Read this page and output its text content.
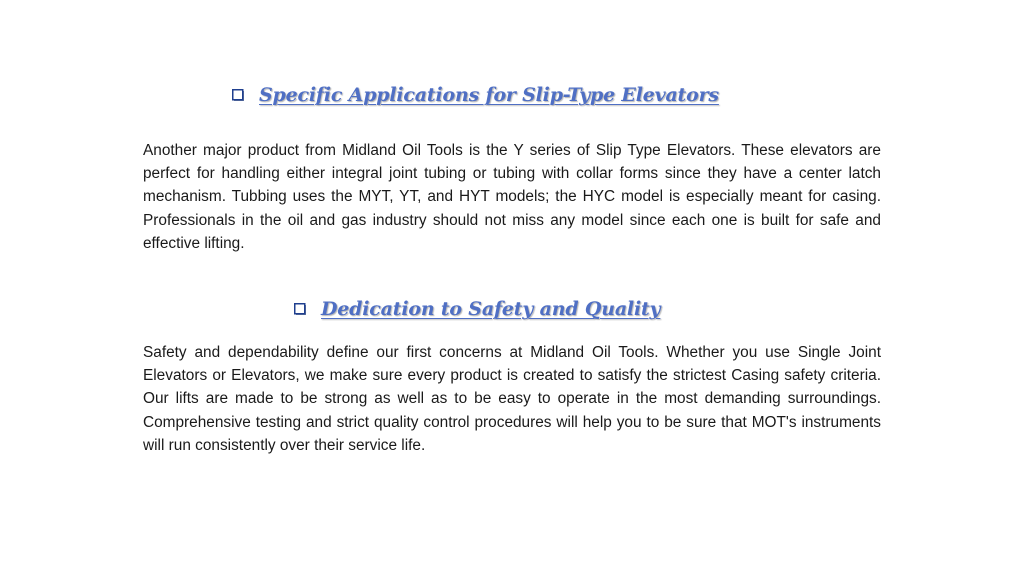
Specific Applications for Slip-Type Elevators

Another major product from Midland Oil Tools is the Y series of Slip Type Elevators. These elevators are perfect for handling either integral joint tubing or tubing with collar forms since they have a center latch mechanism. Tubbing uses the MYT, YT, and HYT models; the HYC model is especially meant for casing. Professionals in the oil and gas industry should not miss any model since each one is built for safe and effective lifting.

Dedication to Safety and Quality

Safety and dependability define our first concerns at Midland Oil Tools. Whether you use Single Joint Elevators or Elevators, we make sure every product is created to satisfy the strictest Casing safety criteria. Our lifts are made to be strong as well as to be easy to operate in the most demanding surroundings. Comprehensive testing and strict quality control procedures will help you to be sure that MOT's instruments will run consistently over their service life.
